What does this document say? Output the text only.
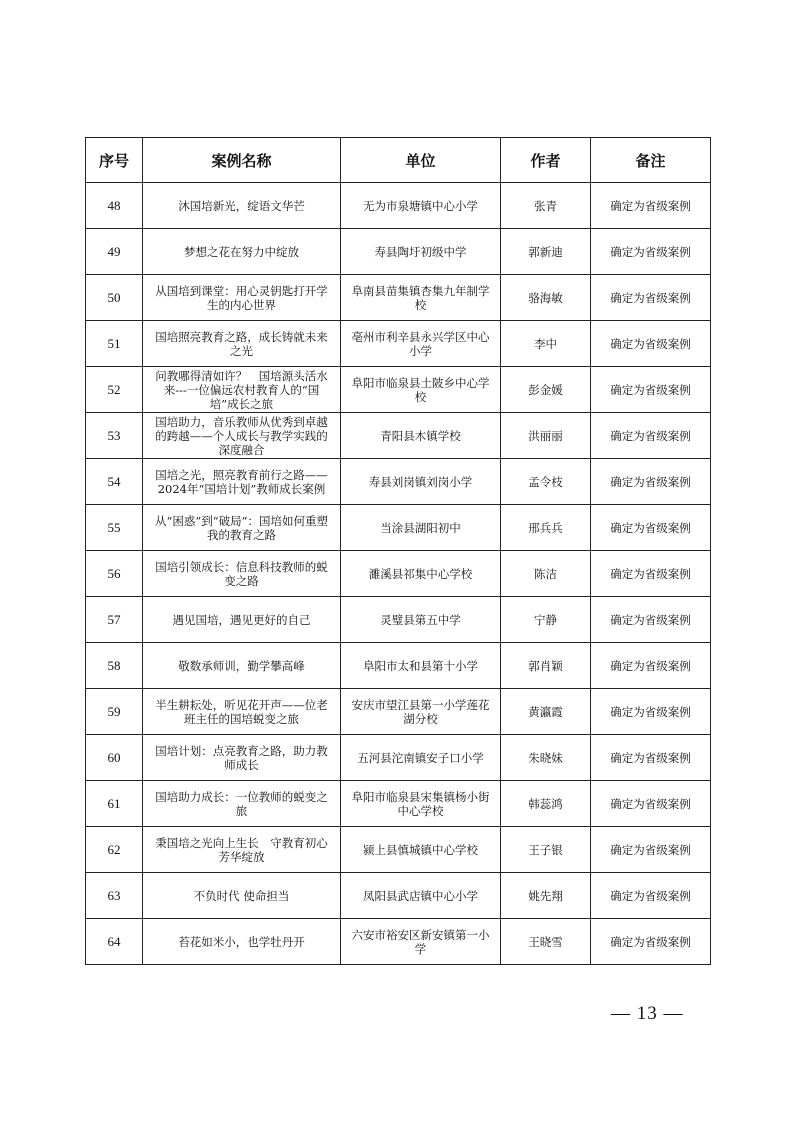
序号	案例名称	单位	作者	备注
48	沐国培新光，绽语文华芒	无为市泉塘镇中心小学	张青	确定为省级案例
49	梦想之花在努力中绽放	寿县陶圩初级中学	郭新迪	确定为省级案例
50	从国培到课堂：用心灵钥匙打开学生的内心世界	阜南县苗集镇杏集九年制学校	骆海敏	确定为省级案例
51	国培照亮教育之路，成长铸就未来之光	亳州市利辛县永兴学区中心小学	李中	确定为省级案例
52	问教哪得清如许？　国培源头活水来---一位偏远农村教育人的“国培”成长之旅	阜阳市临泉县土陂乡中心学校	彭金媛	确定为省级案例
53	国培助力，音乐教师从优秀到卓越的跨越——个人成长与教学实践的深度融合	青阳县木镇学校	洪丽丽	确定为省级案例
54	国培之光，照亮教育前行之路——2024年“国培计划”教师成长案例	寿县刘岗镇刘岗小学	孟令枝	确定为省级案例
55	从“困惑”到“破局”：国培如何重塑我的教育之路	当涂县湖阳初中	邢兵兵	确定为省级案例
56	国培引领成长：信息科技教师的蜕变之路	濉溪县祁集中心学校	陈洁	确定为省级案例
57	遇见国培，遇见更好的自己	灵璧县第五中学	宁静	确定为省级案例
58	敬数承师训，勤学攀高峰	阜阳市太和县第十小学	郭肖颖	确定为省级案例
59	半生耕耘处，听见花开声——位老班主任的国培蜕变之旅	安庆市望江县第一小学莲花湖分校	黄瀛霞	确定为省级案例
60	国培计划：点亮教育之路，助力教师成长	五河县沱南镇安子口小学	朱晓妹	确定为省级案例
61	国培助力成长：一位教师的蜕变之旅	阜阳市临泉县宋集镇杨小街中心学校	韩蕊鸿	确定为省级案例
62	秉国培之光向上生长　守教育初心芳华绽放	颍上县慎城镇中心学校	王子银	确定为省级案例
63	不负时代 使命担当	凤阳县武店镇中心小学	姚先翔	确定为省级案例
64	苔花如米小，也学牡丹开	六安市裕安区新安镇第一小学	王晓雪	确定为省级案例
— 13 —
